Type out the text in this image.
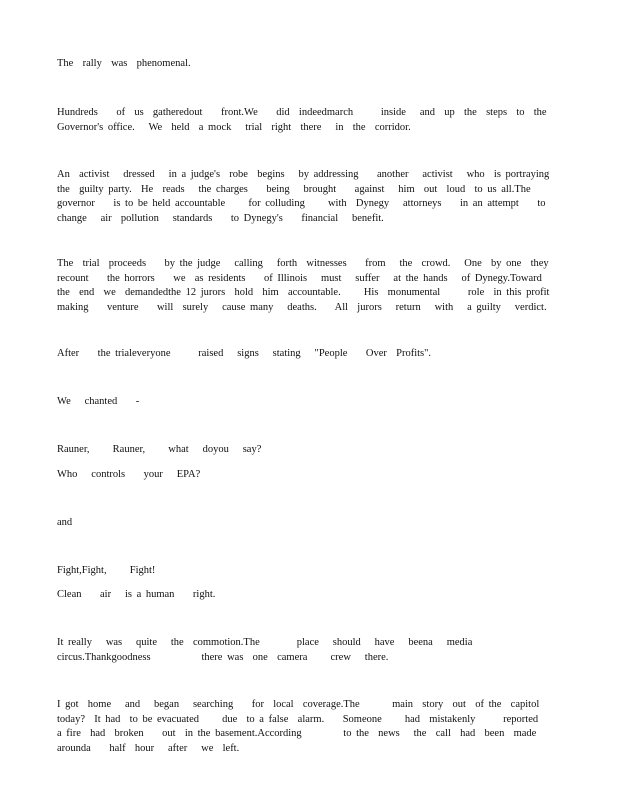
The  rally  was  phenomenal.

Hundreds    of  us  gatheredout    front.We    did  indeedmarch      inside   and  up  the  steps  to  the  Governor's office.   We  held  a mock   trial  right  there   in  the  corridor.

An  activist   dressed   in a judge's  robe  begins   by addressing    another   activist   who  is portraying    the  guilty party.  He  reads   the charges    being   brought    against   him  out  loud  to us all.The   governor    is to be held accountable     for colluding     with  Dynegy   attorneys    in an attempt    to change   air  pollution   standards    to Dynegy's    financial   benefit.

The  trial  proceeds    by the judge   calling   forth  witnesses    from   the  crowd.   One  by one  they  recount    the horrors    we  as residents    of Illinois   must   suffer   at the hands   of Dynegy.Toward        the  end  we  demandedthe 12 jurors  hold  him  accountable.     His  monumental      role  in this profit  making    venture    will  surely   cause many   deaths.    All  jurors   return   with   a guilty   verdict.

After    the trialeveryone      raised   signs   stating   "People    Over  Profits".

We   chanted    -

Rauner,     Rauner,     what   doyou   say?

Who   controls    your   EPA?

and

Fight,Fight,     Fight!

Clean    air   is a human    right.

It really   was   quite   the  commotion.The        place   should   have   beena   media   circus.Thankgoodness           there was  one  camera     crew   there.

I got  home   and   began   searching    for  local  coverage.The       main  story  out  of the  capitol   today?  It had  to be evacuated     due  to a false  alarm.    Someone     had  mistakenly      reported     a fire  had  broken    out  in the basement.According         to the  news   the  call  had  been  made   arounda    half  hour   after   we  left.
